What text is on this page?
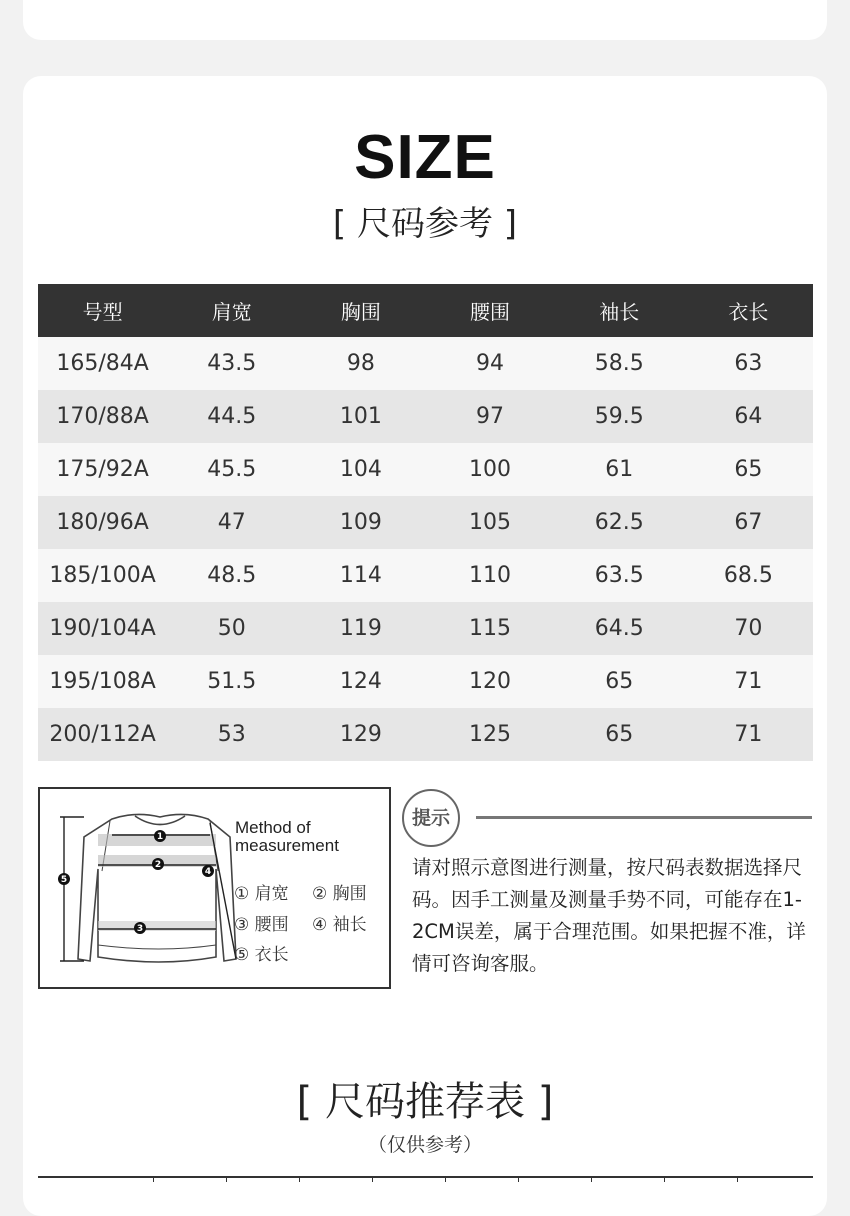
SIZE
[ 尺码参考 ]
号型	肩宽	胸围	腰围	袖长	衣长
165/84A	43.5	98	94	58.5	63
170/88A	44.5	101	97	59.5	64
175/92A	45.5	104	100	61	65
180/96A	47	109	105	62.5	67
185/100A	48.5	114	110	63.5	68.5
190/104A	50	119	115	64.5	70
195/108A	51.5	124	120	65	71
200/112A	53	129	125	65	71
1
2
3
4
5
Method of
measurement
① 肩宽 ② 胸围
③ 腰围 ④ 袖长
⑤ 衣长
提示
请对照示意图进行测量，按尺码表数据选择尺码。因手工测量及测量手势不同，可能存在1-2CM误差，属于合理范围。如果把握不准，详情可咨询客服。
[ 尺码推荐表 ]
（仅供参考）
